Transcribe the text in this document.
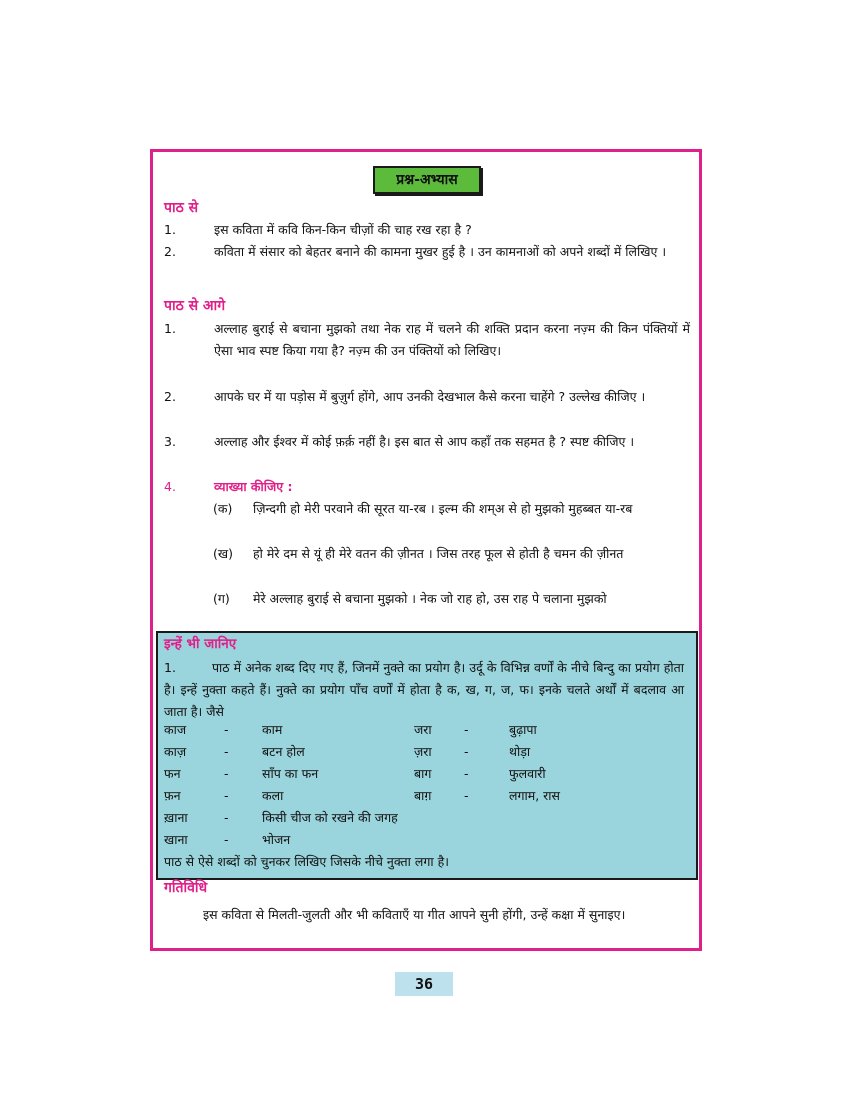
प्रश्न-अभ्यास
पाठ से
1.	इस कविता में कवि किन-किन चीज़ों की चाह रख रहा है ?
2.	कविता में संसार को बेहतर बनाने की कामना मुखर हुई है । उन कामनाओं को अपने शब्दों में लिखिए ।
पाठ से आगे
1.	अल्लाह बुराई से बचाना मुझको तथा नेक राह में चलने की शक्ति प्रदान करना नज़्म की किन पंक्तियों में ऐसा भाव स्पष्ट किया गया है? नज़्म की उन पंक्तियों को लिखिए।
2.	आपके घर में या पड़ोस में बुज़ुर्ग होंगे, आप उनकी देखभाल कैसे करना चाहेंगे ? उल्लेख कीजिए ।
3.	अल्लाह और ईश्वर में कोई फ़र्क़ नहीं है। इस बात से आप कहाँ तक सहमत है ? स्पष्ट कीजिए ।
4.	व्याख्या कीजिए :
(क)	ज़िन्दगी हो मेरी परवाने की सूरत या-रब । इल्म की शम्अ से हो मुझको मुहब्बत या-रब
(ख)	हो मेरे दम से यूं ही मेरे वतन की ज़ीनत । जिस तरह फूल से होती है चमन की ज़ीनत
(ग)	मेरे अल्लाह बुराई से बचाना मुझको । नेक जो राह हो, उस राह पे चलाना मुझको
इन्हें भी जानिए
1.	पाठ में अनेक शब्द दिए गए हैं, जिनमें नुक्ते का प्रयोग है। उर्दू के विभिन्न वर्णों के नीचे बिन्दु का प्रयोग होता है। इन्हें नुक्ता कहते हैं। नुक्ते का प्रयोग पाँच वर्णों में होता है क, ख, ग, ज, फ। इनके चलते अर्थों में बदलाव आ जाता है। जैसे
काज	-	काम	जरा	-	बुढ़ापा
काज़	-	बटन होल	ज़रा	-	थोड़ा
फन	-	साँप का फन	बाग	-	फुलवारी
फ़न	-	कला	बाग़	-	लगाम, रास
ख़ाना	-	किसी चीज को रखने की जगह
खाना	-	भोजन
पाठ से ऐसे शब्दों को चुनकर लिखिए जिसके नीचे नुक्ता लगा है।
गतिविधि
इस कविता से मिलती-जुलती और भी कविताएँ या गीत आपने सुनी होंगी, उन्हें कक्षा में सुनाइए।
36
